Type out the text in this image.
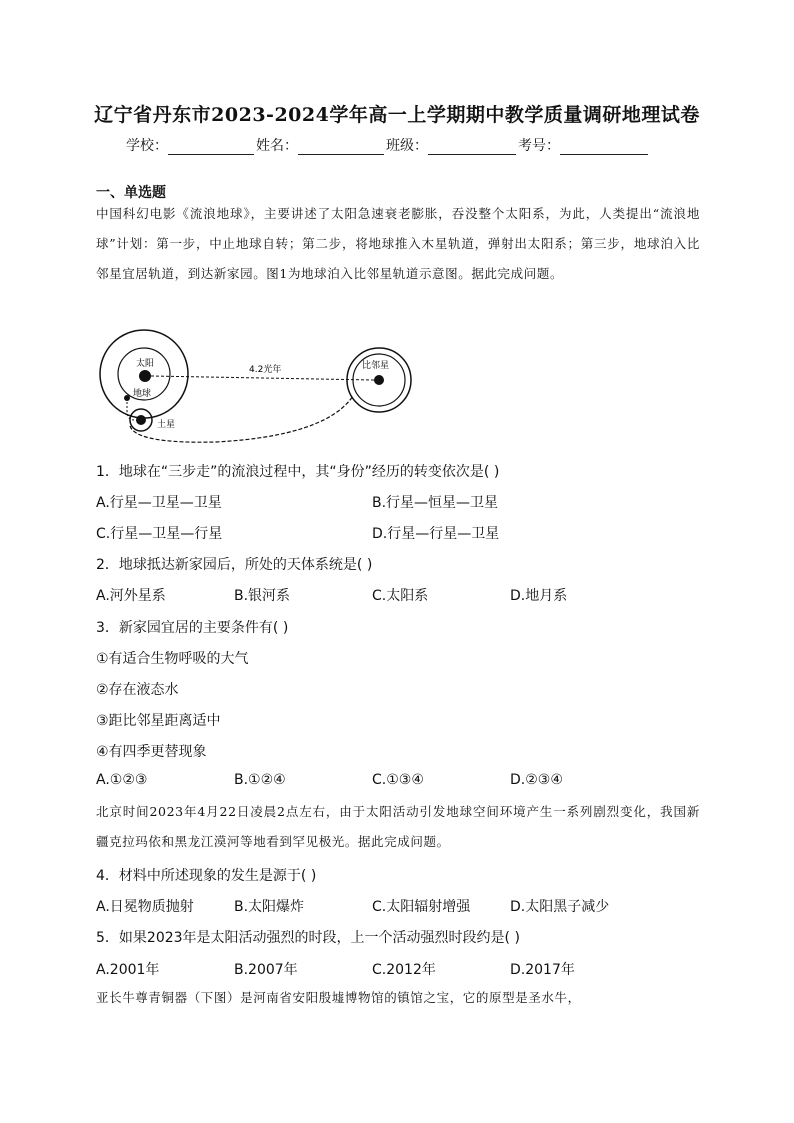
辽宁省丹东市2023-2024学年高一上学期期中教学质量调研地理试卷
学校：	姓名：	班级：	考号：
一、单选题
中国科幻电影《流浪地球》，主要讲述了太阳急速衰老膨胀，吞没整个太阳系，为此，人类提出“流浪地球”计划：第一步，中止地球自转；第二步，将地球推入木星轨道，弹射出太阳系；第三步，地球泊入比邻星宜居轨道，到达新家园。图1为地球泊入比邻星轨道示意图。据此完成问题。
太阳
地球
土星
比邻星
4.2光年
1．地球在“三步走”的流浪过程中，其“身份”经历的转变依次是( )
A.行星—卫星—卫星	B.行星—恒星—卫星
C.行星—卫星—行星	D.行星—行星—卫星
2．地球抵达新家园后，所处的天体系统是( )
A.河外星系	B.银河系	C.太阳系	D.地月系
3．新家园宜居的主要条件有( )
①有适合生物呼吸的大气
②存在液态水
③距比邻星距离适中
④有四季更替现象
A.①②③	B.①②④	C.①③④	D.②③④
北京时间2023年4月22日凌晨2点左右，由于太阳活动引发地球空间环境产生一系列剧烈变化，我国新疆克拉玛依和黑龙江漠河等地看到罕见极光。据此完成问题。
4．材料中所述现象的发生是源于( )
A.日冕物质抛射	B.太阳爆炸	C.太阳辐射增强	D.太阳黑子减少
5．如果2023年是太阳活动强烈的时段，上一个活动强烈时段约是( )
A.2001年	B.2007年	C.2012年	D.2017年
亚长牛尊青铜器（下图）是河南省安阳殷墟博物馆的镇馆之宝，它的原型是圣水牛，
